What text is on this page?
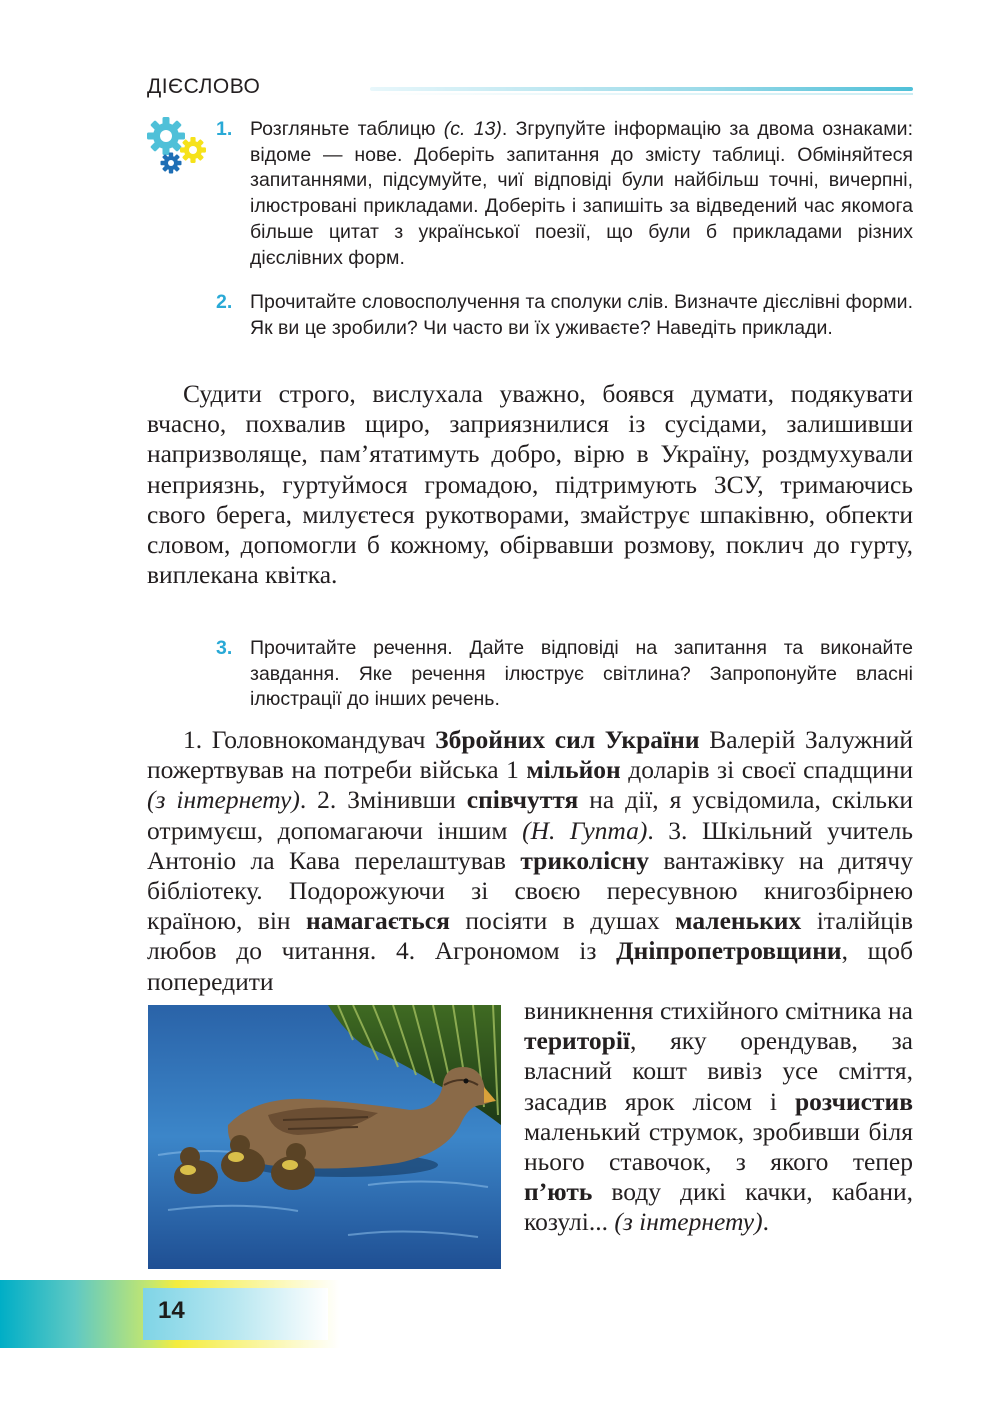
ДІЄСЛОВО
1. Розгляньте таблицю (с. 13). Згрупуйте інформацію за двома ознаками: відоме — нове. Доберіть запитання до змісту таблиці. Обміняйтеся запитаннями, підсумуйте, чиї відповіді були найбільш точні, вичерпні, ілюстровані прикладами. Доберіть і запишіть за відведений час якомога більше цитат з української поезії, що були б прикладами різних дієслівних форм.
2. Прочитайте словосполучення та сполуки слів. Визначте дієслівні форми. Як ви це зробили? Чи часто ви їх уживаєте? Наведіть приклади.
Судити строго, вислухала уважно, боявся думати, подякувати вчасно, похвалив щиро, заприязнилися із сусідами, залишивши напризволяще, пам’ятатимуть добро, вірю в Україну, роздмухували неприязнь, гуртуймося громадою, підтримують ЗСУ, тримаючись свого берега, милуєтеся рукотворами, змайструє шпаківню, обпекти словом, допомогли б кожному, обірвавши розмову, поклич до гурту, виплекана квітка.
3. Прочитайте речення. Дайте відповіді на запитання та виконайте завдання. Яке речення ілюструє світлина? Запропонуйте власні ілюстрації до інших речень.
1. Головнокомандувач Збройних сил України Валерій Залужний пожертвував на потреби війська 1 мільйон доларів зі своєї спадщини (з інтернету). 2. Змінивши співчуття на дії, я усвідомила, скільки отримуєш, допомагаючи іншим (Н. Гупта). 3. Шкільний учитель Антоніо ла Кава перелаштував триколісну вантажівку на дитячу бібліотеку. Подорожуючи зі своєю пересувною книгозбірнею країною, він намагається посіяти в душах маленьких італійців любов до читання. 4. Агрономом із Дніпропетровщини, щоб попередити
виникнення стихійного смітника на території, яку орендував, за власний кошт вивіз усе сміття, засадив ярок лісом і розчистив маленький струмок, зробивши біля нього ставочок, з якого тепер п’ють воду дикі качки, кабани, козулі... (з інтернету).
14
